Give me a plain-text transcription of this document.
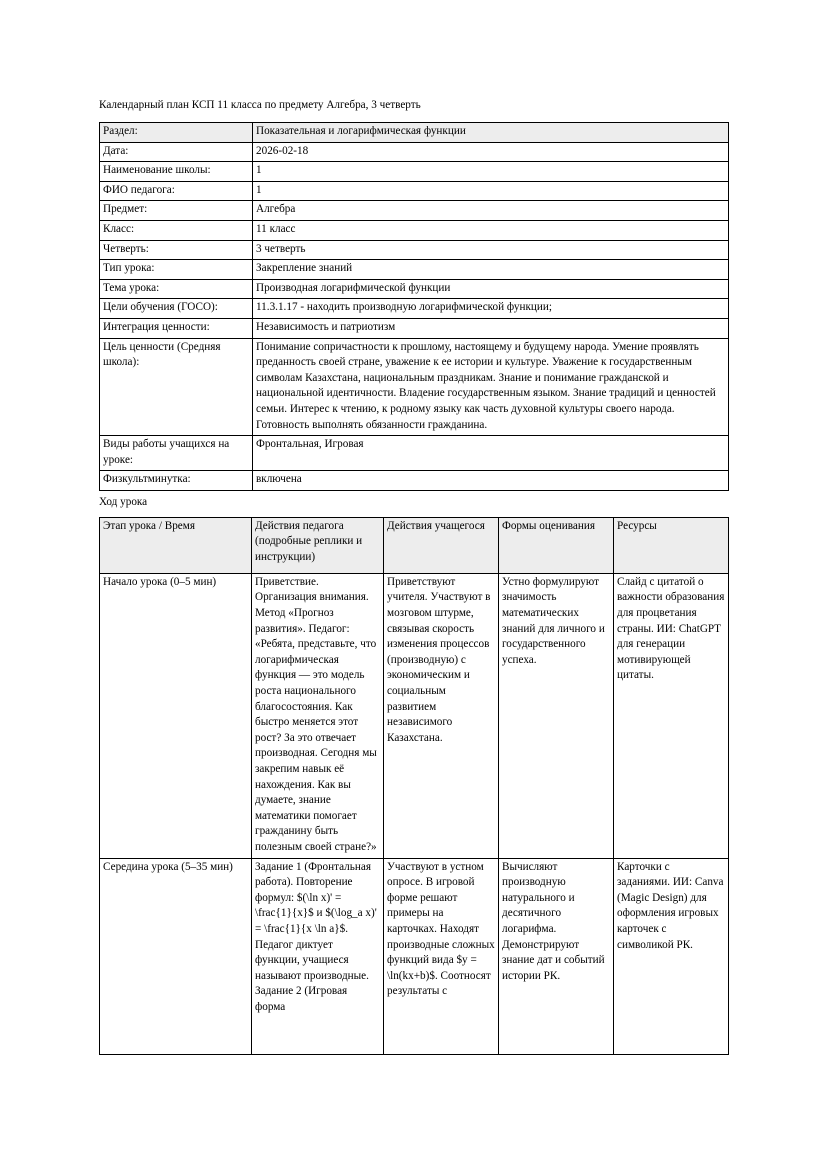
Календарный план КСП 11 класса по предмету Алгебра, 3 четверть

Раздел:	Показательная и логарифмическая функции
Дата:	2026-02-18
Наименование школы:	1
ФИО педагога:	1
Предмет:	Алгебра
Класс:	11 класс
Четверть:	3 четверть
Тип урока:	Закрепление знаний
Тема урока:	Производная логарифмической функции
Цели обучения (ГОСО):	11.3.1.17 - находить производную логарифмической функции;
Интеграция ценности:	Независимость и патриотизм
Цель ценности (Средняя школа):	Понимание сопричастности к прошлому, настоящему и будущему народа. Умение проявлять преданность своей стране, уважение к ее истории и культуре. Уважение к государственным символам Казахстана, национальным праздникам. Знание и понимание гражданской и национальной идентичности. Владение государственным языком. Знание традиций и ценностей семьи. Интерес к чтению, к родному языку как часть духовной культуры своего народа. Готовность выполнять обязанности гражданина.
Виды работы учащихся на уроке:	Фронтальная, Игровая
Физкультминутка:	включена

Ход урока

Этап урока / Время	Действия педагога (подробные реплики и инструкции)	Действия учащегося	Формы оценивания	Ресурсы
Начало урока (0–5 мин)	Приветствие. Организация внимания. Метод «Прогноз развития». Педагог: «Ребята, представьте, что логарифмическая функция — это модель роста национального благосостояния. Как быстро меняется этот рост? За это отвечает производная. Сегодня мы закрепим навык её нахождения. Как вы думаете, знание математики помогает гражданину быть полезным своей стране?»	Приветствуют учителя. Участвуют в мозговом штурме, связывая скорость изменения процессов (производную) с экономическим и социальным развитием независимого Казахстана.	Устно формулируют значимость математических знаний для личного и государственного успеха.	Слайд с цитатой о важности образования для процветания страны. ИИ: ChatGPT для генерации мотивирующей цитаты.
Середина урока (5–35 мин)	Задание 1 (Фронтальная работа). Повторение формул: $(\ln x)' = \frac{1}{x}$ и $(\log_a x)' = \frac{1}{x \ln a}$. Педагог диктует функции, учащиеся называют производные. Задание 2 (Игровая форма	Участвуют в устном опросе. В игровой форме решают примеры на карточках. Находят производные сложных функций вида $y = \ln(kx+b)$. Соотносят результаты с	Вычисляют производную натурального и десятичного логарифма. Демонстрируют знание дат и событий истории РК.	Карточки с заданиями. ИИ: Canva (Magic Design) для оформления игровых карточек с символикой РК.
